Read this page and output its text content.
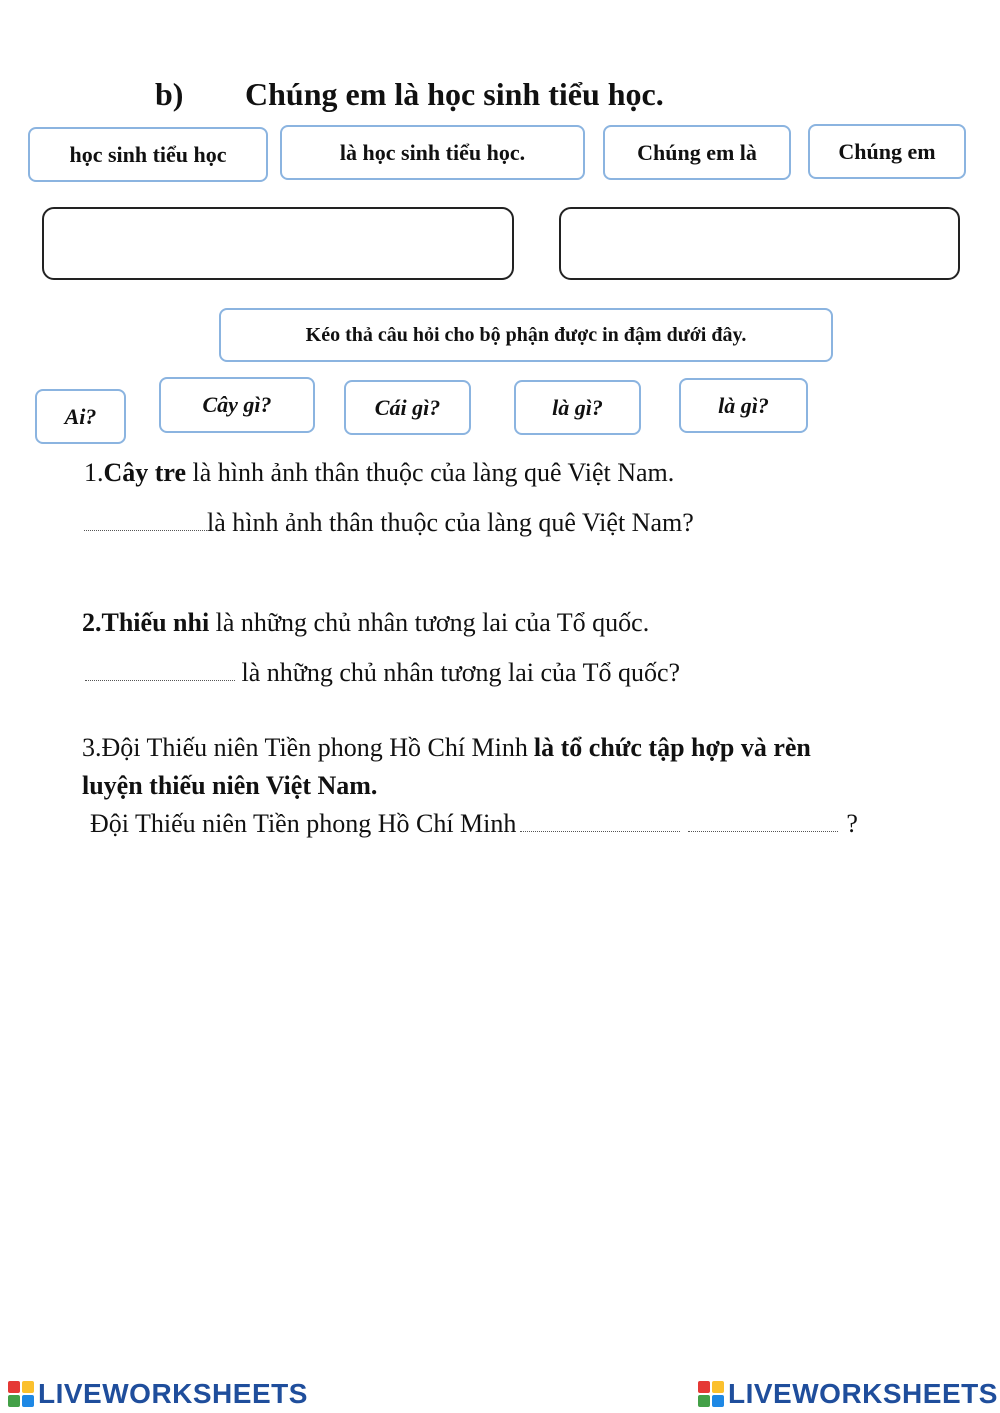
b) Chúng em là học sinh tiểu học.
học sinh tiểu học	là học sinh tiểu học.	Chúng em là	Chúng em
Kéo thả câu hỏi cho bộ phận được in đậm dưới đây.
Ai?	Cây gì?	Cái gì?	là gì?	là gì?
1.Cây tre là hình ảnh thân thuộc của làng quê Việt Nam.
là hình ảnh thân thuộc của làng quê Việt Nam?
2.Thiếu nhi là những chủ nhân tương lai của Tổ quốc.
là những chủ nhân tương lai của Tổ quốc?
3.Đội Thiếu niên Tiền phong Hồ Chí Minh là tổ chức tập hợp và rèn
luyện thiếu niên Việt Nam.
Đội Thiếu niên Tiền phong Hồ Chí Minh	?
LIVEWORKSHEETS	LIVEWORKSHEETS
